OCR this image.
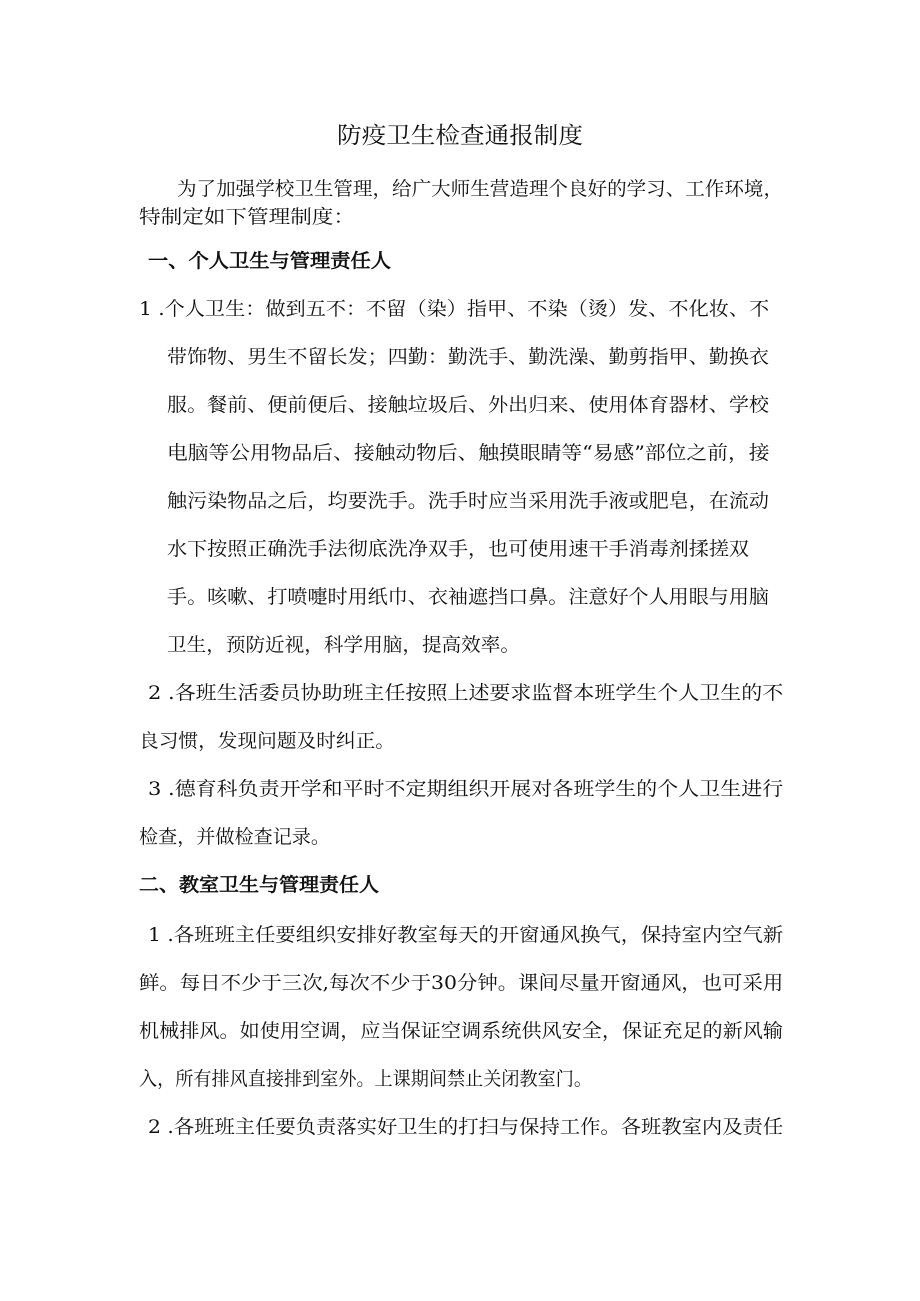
防疫卫生检查通报制度
为了加强学校卫生管理，给广大师生营造理个良好的学习、工作环境，
特制定如下管理制度：
一、个人卫生与管理责任人
1 .个人卫生：做到五不：不留（染）指甲、不染（烫）发、不化妆、不
带饰物、男生不留长发；四勤：勤洗手、勤洗澡、勤剪指甲、勤换衣
服。餐前、便前便后、接触垃圾后、外出归来、使用体育器材、学校
电脑等公用物品后、接触动物后、触摸眼睛等“易感”部位之前，接
触污染物品之后，均要洗手。洗手时应当采用洗手液或肥皂，在流动
水下按照正确洗手法彻底洗净双手，也可使用速干手消毒剂揉搓双
手。咳嗽、打喷嚏时用纸巾、衣袖遮挡口鼻。注意好个人用眼与用脑
卫生，预防近视，科学用脑，提高效率。
2 .各班生活委员协助班主任按照上述要求监督本班学生个人卫生的不
良习惯，发现问题及时纠正。
3 .德育科负责开学和平时不定期组织开展对各班学生的个人卫生进行
检查，并做检查记录。
二、教室卫生与管理责任人
1 .各班班主任要组织安排好教室每天的开窗通风换气，保持室内空气新
鲜。每日不少于三次,每次不少于30分钟。课间尽量开窗通风，也可采用
机械排风。如使用空调，应当保证空调系统供风安全，保证充足的新风输
入，所有排风直接排到室外。上课期间禁止关闭教室门。
2 .各班班主任要负责落实好卫生的打扫与保持工作。各班教室内及责任
